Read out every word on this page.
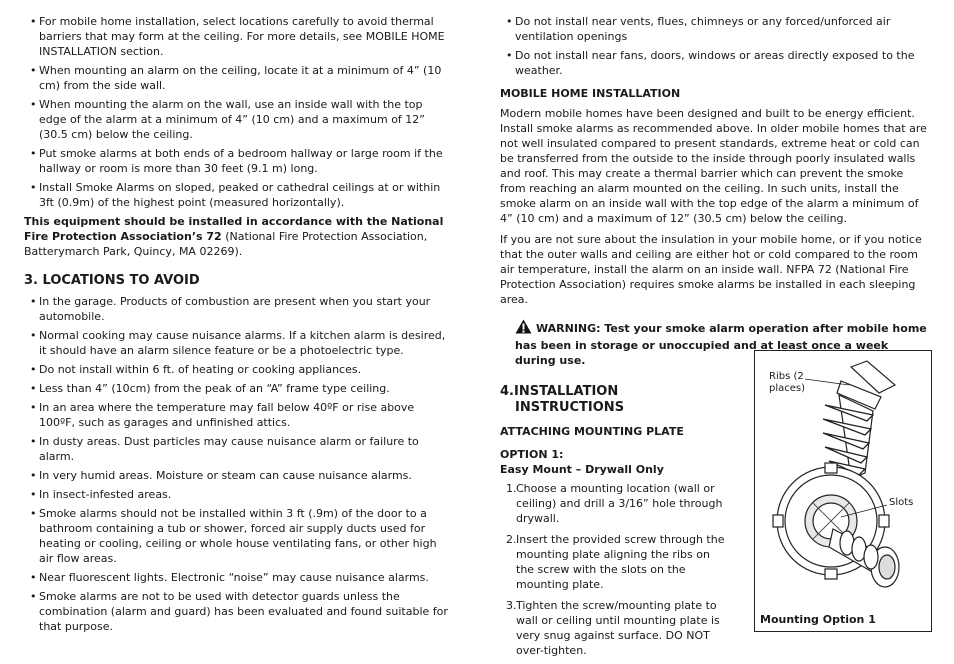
• For mobile home installation, select locations carefully to avoid thermal barriers that may form at the ceiling. For more details, see MOBILE HOME INSTALLATION section.
• When mounting an alarm on the ceiling, locate it at a minimum of 4” (10 cm) from the side wall.
• When mounting the alarm on the wall, use an inside wall with the top edge of the alarm at a minimum of 4” (10 cm) and a maximum of 12” (30.5 cm) below the ceiling.
• Put smoke alarms at both ends of a bedroom hallway or large room if the hallway or room is more than 30 feet (9.1 m) long.
• Install Smoke Alarms on sloped, peaked or cathedral ceilings at or within 3ft (0.9m) of the highest point (measured horizontally).

This equipment should be installed in accordance with the National Fire Protection Association’s 72 (National Fire Protection Association, Batterymarch Park, Quincy, MA 02269).

3. LOCATIONS TO AVOID
• In the garage. Products of combustion are present when you start your automobile.
• Normal cooking may cause nuisance alarms. If a kitchen alarm is desired, it should have an alarm silence feature or be a photoelectric type.
• Do not install within 6 ft. of heating or cooking appliances.
• Less than 4” (10cm) from the peak of an “A” frame type ceiling.
• In an area where the temperature may fall below 40ºF or rise above 100ºF, such as garages and unfinished attics.
• In dusty areas. Dust particles may cause nuisance alarm or failure to alarm.
• In very humid areas. Moisture or steam can cause nuisance alarms.
• In insect-infested areas.
• Smoke alarms should not be installed within 3 ft (.9m) of the door to a bathroom containing a tub or shower, forced air supply ducts used for heating or cooling, ceiling or whole house ventilating fans, or other high air flow areas.
• Near fluorescent lights. Electronic “noise” may cause nuisance alarms.
• Smoke alarms are not to be used with detector guards unless the combination (alarm and guard) has been evaluated and found suitable for that purpose.
• Do not install near vents, flues, chimneys or any forced/unforced air ventilation openings
• Do not install near fans, doors, windows or areas directly exposed to the weather.
MOBILE HOME INSTALLATION

Modern mobile homes have been designed and built to be energy efficient. Install smoke alarms as recommended above. In older mobile homes that are not well insulated compared to present standards, extreme heat or cold can be transferred from the outside to the inside through poorly insulated walls and roof. This may create a thermal barrier which can prevent the smoke from reaching an alarm mounted on the ceiling. In such units, install the smoke alarm on an inside wall with the top edge of the alarm a minimum of 4” (10 cm) and a maximum of 12” (30.5 cm) below the ceiling.

If you are not sure about the insulation in your mobile home, or if you notice that the outer walls and ceiling are either hot or cold compared to the room air temperature, install the alarm on an inside wall. NFPA 72 (National Fire Protection Association) requires smoke alarms be installed in each sleeping area.

WARNING: Test your smoke alarm operation after mobile home has been in storage or unoccupied and at least once a week during use.

4.INSTALLATION
INSTRUCTIONS
ATTACHING MOUNTING PLATE
OPTION 1:
Easy Mount – Drywall Only
1. Choose a mounting location (wall or ceiling) and drill a 3/16” hole through drywall.
2. Insert the provided screw through the mounting plate aligning the ribs on the screw with the slots on the mounting plate.
3. Tighten the screw/mounting plate to wall or ceiling until mounting plate is very snug against surface. DO NOT over-tighten.
Ribs (2 places)
Slots
Mounting Option 1
